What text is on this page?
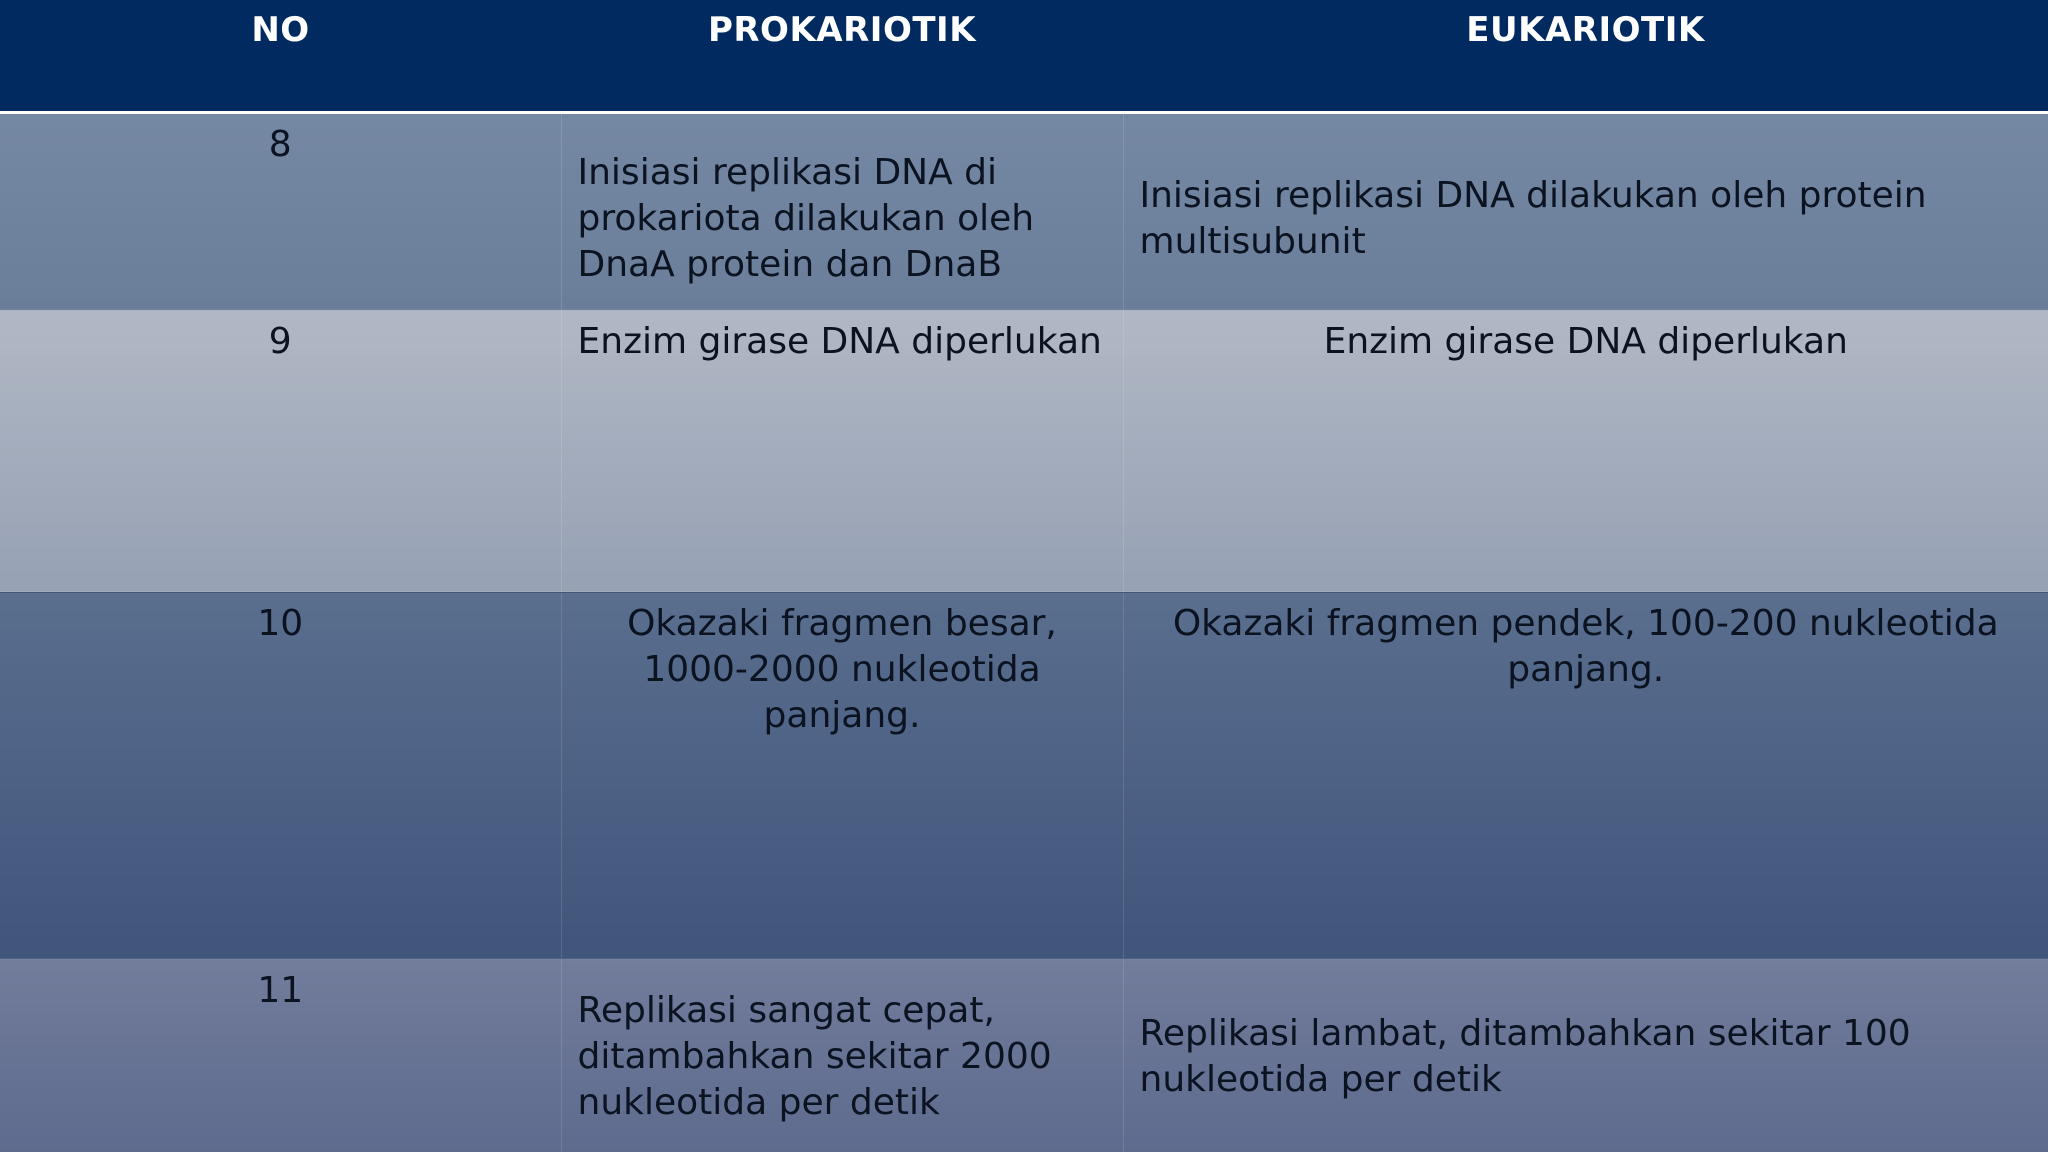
NO	PROKARIOTIK	EUKARIOTIK

8	Inisiasi replikasi DNA di prokariota dilakukan oleh DnaA protein dan DnaB	Inisiasi replikasi DNA dilakukan oleh protein multisubunit

9	Enzim girase DNA diperlukan	Enzim girase DNA diperlukan

10	Okazaki fragmen besar, 1000-2000 nukleotida panjang.	Okazaki fragmen pendek, 100-200 nukleotida panjang.

11	Replikasi sangat cepat, ditambahkan sekitar 2000 nukleotida per detik	Replikasi lambat, ditambahkan sekitar 100 nukleotida per detik
